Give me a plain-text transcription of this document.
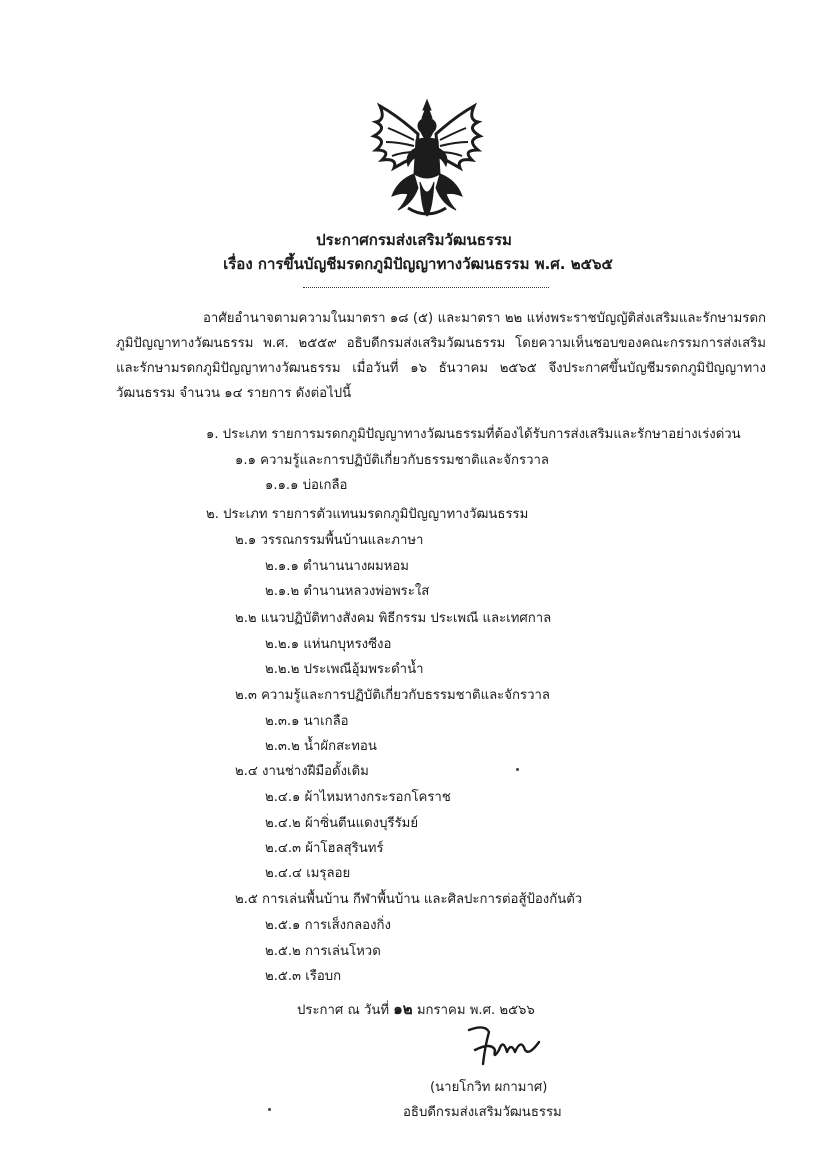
ประกาศกรมส่งเสริมวัฒนธรรม
เรื่อง การขึ้นบัญชีมรดกภูมิปัญญาทางวัฒนธรรม พ.ศ. ๒๕๖๕
อาศัยอำนาจตามความในมาตรา ๑๘ (๕) และมาตรา ๒๒ แห่งพระราชบัญญัติส่งเสริมและรักษามรดกภูมิปัญญาทางวัฒนธรรม พ.ศ. ๒๕๕๙ อธิบดีกรมส่งเสริมวัฒนธรรม โดยความเห็นชอบของคณะกรรมการส่งเสริมและรักษามรดกภูมิปัญญาทางวัฒนธรรม เมื่อวันที่ ๑๖ ธันวาคม ๒๕๖๕ จึงประกาศขึ้นบัญชีมรดกภูมิปัญญาทางวัฒนธรรม จำนวน ๑๔ รายการ ดังต่อไปนี้
๑. ประเภท รายการมรดกภูมิปัญญาทางวัฒนธรรมที่ต้องได้รับการส่งเสริมและรักษาอย่างเร่งด่วน
๑.๑ ความรู้และการปฏิบัติเกี่ยวกับธรรมชาติและจักรวาล
๑.๑.๑ บ่อเกลือ
๒. ประเภท รายการตัวแทนมรดกภูมิปัญญาทางวัฒนธรรม
๒.๑ วรรณกรรมพื้นบ้านและภาษา
๒.๑.๑ ตำนานนางผมหอม
๒.๑.๒ ตำนานหลวงพ่อพระใส
๒.๒ แนวปฏิบัติทางสังคม พิธีกรรม ประเพณี และเทศกาล
๒.๒.๑ แห่นกบุหรงซีงอ
๒.๒.๒ ประเพณีอุ้มพระดำน้ำ
๒.๓ ความรู้และการปฏิบัติเกี่ยวกับธรรมชาติและจักรวาล
๒.๓.๑ นาเกลือ
๒.๓.๒ น้ำผักสะทอน
๒.๔ งานช่างฝีมือดั้งเดิม
๒.๔.๑ ผ้าไหมหางกระรอกโคราช
๒.๔.๒ ผ้าซิ่นตีนแดงบุรีรัมย์
๒.๔.๓ ผ้าโฮลสุรินทร์
๒.๔.๔ เมรุลอย
๒.๕ การเล่นพื้นบ้าน กีฬาพื้นบ้าน และศิลปะการต่อสู้ป้องกันตัว
๒.๕.๑ การเส็งกลองกิ่ง
๒.๕.๒ การเล่นโหวด
๒.๕.๓ เรือบก
ประกาศ ณ วันที่ ๑๒ มกราคม พ.ศ. ๒๕๖๖
(นายโกวิท ผกามาศ)
อธิบดีกรมส่งเสริมวัฒนธรรม
